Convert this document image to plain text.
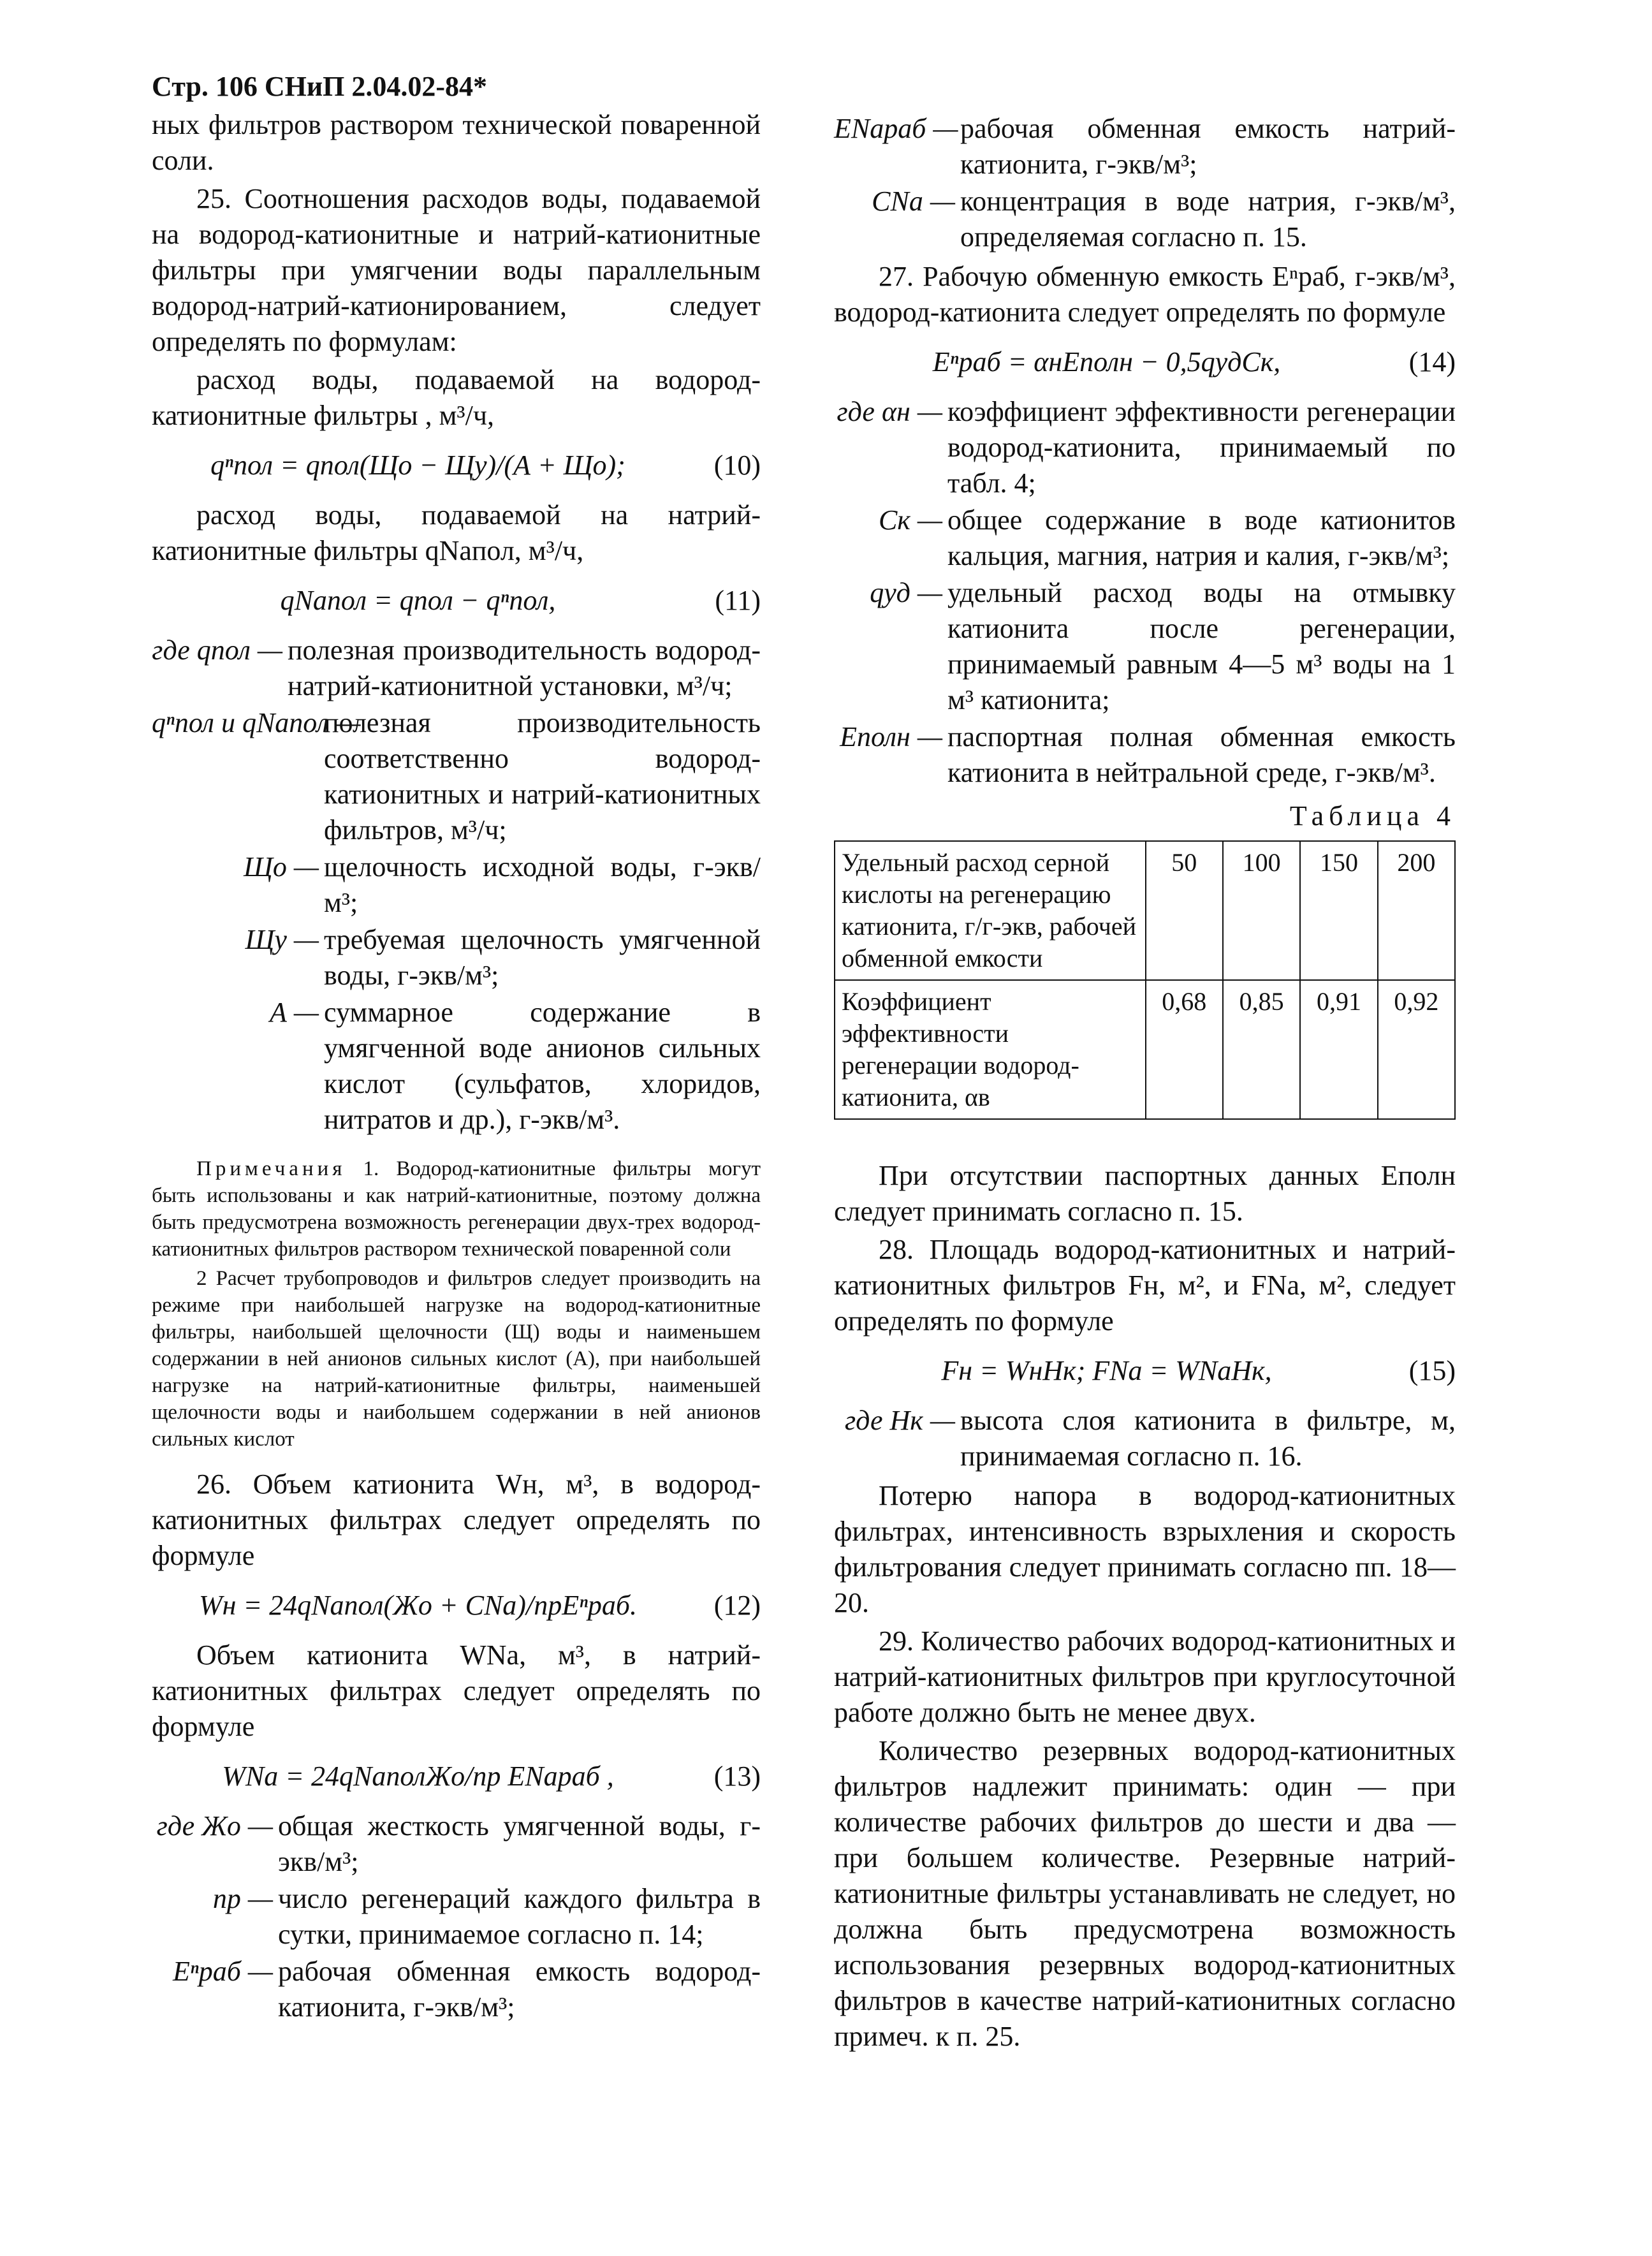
Стр. 106 СНиП 2.04.02-84*

ных фильтров раствором технической поваренной соли.

25. Соотношения расходов воды, подаваемой на водород-катионитные и натрий-катионитные фильтры при умягчении воды параллельным водород-натрий-катионированием, следует определять по формулам:

расход воды, подаваемой на водород-катионитные фильтры , м³/ч,

qⁿпол = qпол(Що − Щу)/(А + Що);	(10)

расход воды, подаваемой на натрий-катионитные фильтры qNaпол, м³/ч,

qNaпол = qпол − qⁿпол,	(11)
где qпол — полезная производительность водород-натрий-катионитной установки, м³/ч;
qⁿпол и qNaпол —
полезная производительность соответственно водород-катионитных и натрий-катионитных фильтров, м³/ч;
Що — щелочность исходной воды, г-экв/м³;
Щу — требуемая щелочность умягченной воды, г-экв/м³;
А — суммарное содержание в умягченной воде анионов сильных кислот (сульфатов, хлоридов, нитратов и др.), г-экв/м³.

Примечания 1. Водород-катионитные фильтры могут быть использованы и как натрий-катионитные, поэтому должна быть предусмотрена возможность регенерации двух-трех водород-катионитных фильтров раствором технической поваренной соли

2 Расчет трубопроводов и фильтров следует производить на режиме при наибольшей нагрузке на водород-катионитные фильтры, наибольшей щелочности (Щ) воды и наименьшем содержании в ней анионов сильных кислот (А), при наибольшей нагрузке на натрий-катионитные фильтры, наименьшей щелочности воды и наибольшем содержании в ней анионов сильных кислот

26. Объем катионита Wн, м³, в водород-катионитных фильтрах следует определять по формуле

Wн = 24qNaпол(Жо + CNa)/nрEⁿраб.	(12)

Объем катионита WNa, м³, в натрий-катионитных фильтрах следует определять по формуле

WNa = 24qNaполЖо/nр ENaраб ,	(13)
где Жо — общая жесткость умягченной воды, г-экв/м³;
nр — число регенераций каждого фильтра в сутки, принимаемое согласно п. 14;
Eⁿраб — рабочая обменная емкость водород-катионита, г-экв/м³;
ENaраб — рабочая обменная емкость натрий-катионита, г-экв/м³;
CNa — концентрация в воде натрия, г-экв/м³, определяемая согласно п. 15.

27. Рабочую обменную емкость Eⁿраб, г-экв/м³, водород-катионита следует определять по формуле

Eⁿраб = αнEполн − 0,5qудCк,	(14)
где αн — коэффициент эффективности регенерации водород-катионита, принимаемый по табл. 4;
Cк — общее содержание в воде катионитов кальция, магния, натрия и калия, г-экв/м³;
qуд — удельный расход воды на отмывку катионита после регенерации, принимаемый равным 4—5 м³ воды на 1 м³ катионита;
Eполн — паспортная полная обменная емкость катионита в нейтральной среде, г-экв/м³.
Таблица 4
Удельный расход серной кислоты на регенерацию катионита, г/г-экв, рабочей обменной емкости	50	100	150	200
Коэффициент эффективности регенерации водород-катионита, αв	0,68	0,85	0,91	0,92

При отсутствии паспортных данных Eполн следует принимать согласно п. 15.

28. Площадь водород-катионитных и натрий-катионитных фильтров Fн, м², и FNa, м², следует определять по формуле

Fн = WнHк; FNa = WNaHк,	(15)
где Hк — высота слоя катионита в фильтре, м, принимаемая согласно п. 16.

Потерю напора в водород-катионитных фильтрах, интенсивность взрыхления и скорость фильтрования следует принимать согласно пп. 18—20.

29. Количество рабочих водород-катионитных и натрий-катионитных фильтров при круглосуточной работе должно быть не менее двух.

Количество резервных водород-катионитных фильтров надлежит принимать: один — при количестве рабочих фильтров до шести и два — при большем количестве. Резервные натрий-катионитные фильтры устанавливать не следует, но должна быть предусмотрена возможность использования резервных водород-катионитных фильтров в качестве натрий-катионитных согласно примеч. к п. 25.
